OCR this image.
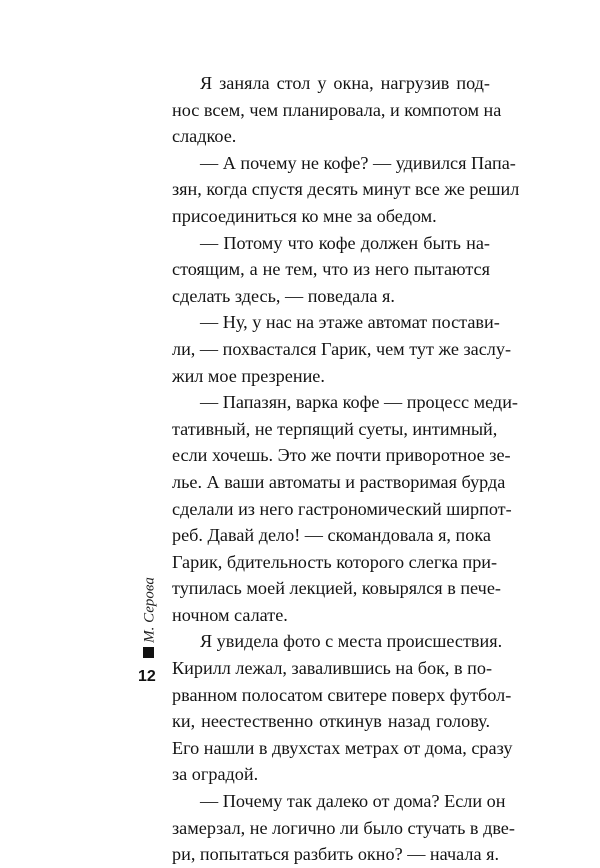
Я заняла стол у окна, нагрузив под-
нос всем, чем планировала, и компотом на
сладкое.
— А почему не кофе? — удивился Папа-
зян, когда спустя десять минут все же решил
присоединиться ко мне за обедом.
— Потому что кофе должен быть на-
стоящим, а не тем, что из него пытаются
сделать здесь, — поведала я.
— Ну, у нас на этаже автомат постави-
ли, — похвастался Гарик, чем тут же заслу-
жил мое презрение.
— Папазян, варка кофе — процесс меди-
тативный, не терпящий суеты, интимный,
если хочешь. Это же почти приворотное зе-
лье. А ваши автоматы и растворимая бурда
сделали из него гастрономический ширпот-
реб. Давай дело! — скомандовала я, пока
Гарик, бдительность которого слегка при-
тупилась моей лекцией, ковырялся в пече-
ночном салате.
Я увидела фото с места происшествия.
Кирилл лежал, завалившись на бок, в по-
рванном полосатом свитере поверх футбол-
ки, неестественно откинув назад голову.
Его нашли в двухстах метрах от дома, сразу
за оградой.
— Почему так далеко от дома? Если он
замерзал, не логично ли было стучать в две-
ри, попытаться разбить окно? — начала я.
М. Серова
12
